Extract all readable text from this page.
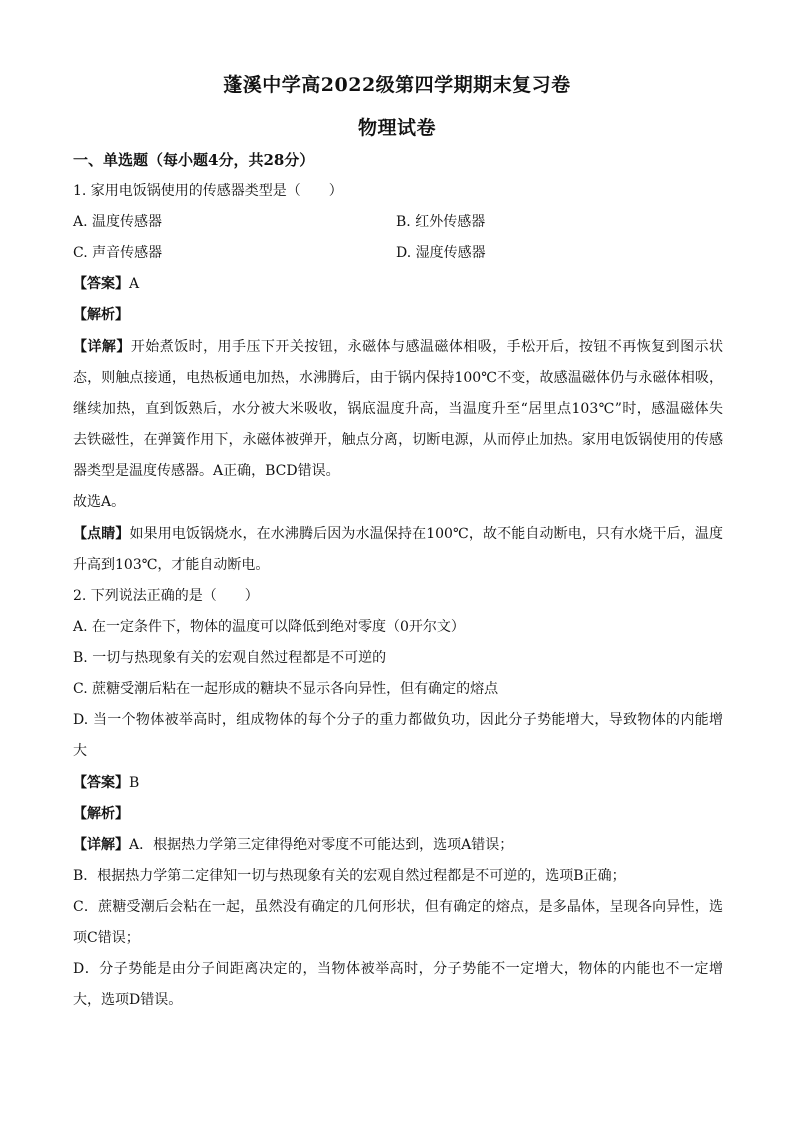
蓬溪中学高2022级第四学期期末复习卷
物理试卷
一、单选题（每小题4分，共28分）
1. 家用电饭锅使用的传感器类型是（　　）
A. 温度传感器	B. 红外传感器
C. 声音传感器	D. 湿度传感器
【答案】A
【解析】
【详解】开始煮饭时，用手压下开关按钮，永磁体与感温磁体相吸，手松开后，按钮不再恢复到图示状
态，则触点接通，电热板通电加热，水沸腾后，由于锅内保持100℃不变，故感温磁体仍与永磁体相吸，
继续加热，直到饭熟后，水分被大米吸收，锅底温度升高，当温度升至“居里点103℃”时，感温磁体失
去铁磁性，在弹簧作用下，永磁体被弹开，触点分离，切断电源，从而停止加热。家用电饭锅使用的传感
器类型是温度传感器。A正确，BCD错误。
故选A。
【点睛】如果用电饭锅烧水，在水沸腾后因为水温保持在100℃，故不能自动断电，只有水烧干后，温度
升高到103℃，才能自动断电。
2. 下列说法正确的是（　　）
A. 在一定条件下，物体的温度可以降低到绝对零度（0开尔文）
B. 一切与热现象有关的宏观自然过程都是不可逆的
C. 蔗糖受潮后粘在一起形成的糖块不显示各向异性，但有确定的熔点
D. 当一个物体被举高时，组成物体的每个分子的重力都做负功，因此分子势能增大，导致物体的内能增
大
【答案】B
【解析】
【详解】A．根据热力学第三定律得绝对零度不可能达到，选项A错误；
B．根据热力学第二定律知一切与热现象有关的宏观自然过程都是不可逆的，选项B正确；
C．蔗糖受潮后会粘在一起，虽然没有确定的几何形状，但有确定的熔点，是多晶体，呈现各向异性，选
项C错误；
D．分子势能是由分子间距离决定的，当物体被举高时，分子势能不一定增大，物体的内能也不一定增
大，选项D错误。
